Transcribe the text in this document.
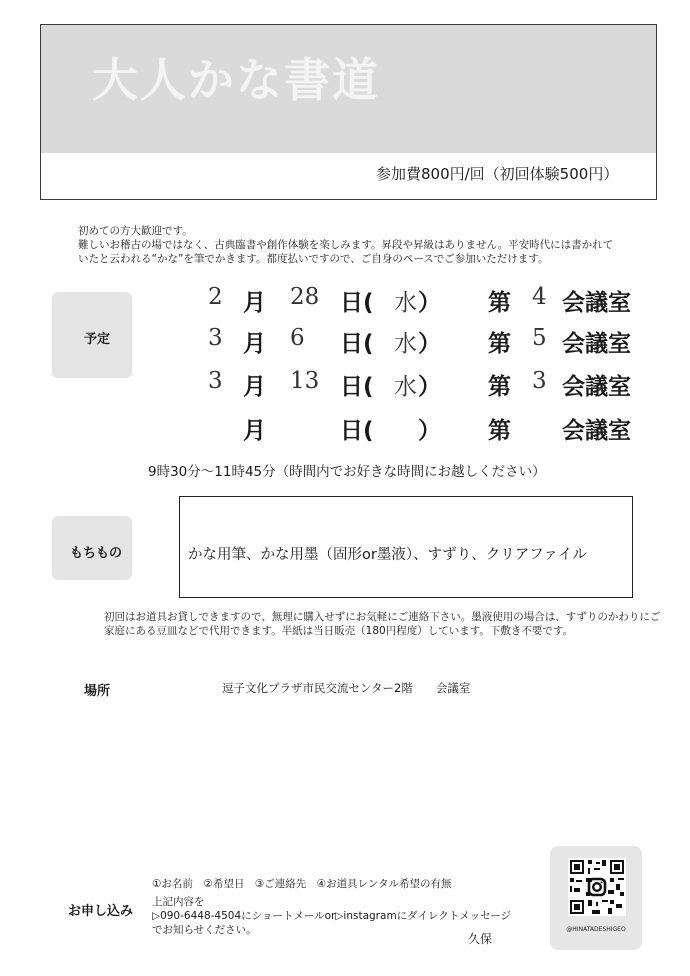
大人かな書道
参加費800円/回（初回体験500円）
初めての方大歓迎です。
難しいお稽古の場ではなく、古典臨書や創作体験を楽しみます。昇段や昇級はありません。平安時代には書かれて
いたと云われる“かな”を筆でかきます。都度払いですので、ご自身のペースでご参加いただけます。
予定
2 月 28 日( 水 ） 第 4 会議室
3 月 6 日( 水 ） 第 5 会議室
3 月 13 日( 水 ） 第 3 会議室
月	日( ） 第 会議室
9時30分～11時45分（時間内でお好きな時間にお越しください）
もちもの	かな用筆、かな用墨（固形or墨液）、すずり、クリアファイル
初回はお道具お貸しできますので、無理に購入せずにお気軽にご連絡下さい。墨液使用の場合は、すずりのかわりにご
家庭にある豆皿などで代用できます。半紙は当日販売（180円程度）しています。下敷き不要です。
場所	逗子文化プラザ市民交流センター2階　　会議室
お申し込み
①お名前　②希望日　③ご連絡先　④お道具レンタル希望の有無
上記内容を
▷090-6448-4504にショートメールor▷instagramにダイレクトメッセージ
でお知らせください。
久保
@HINATADESHIGEO
